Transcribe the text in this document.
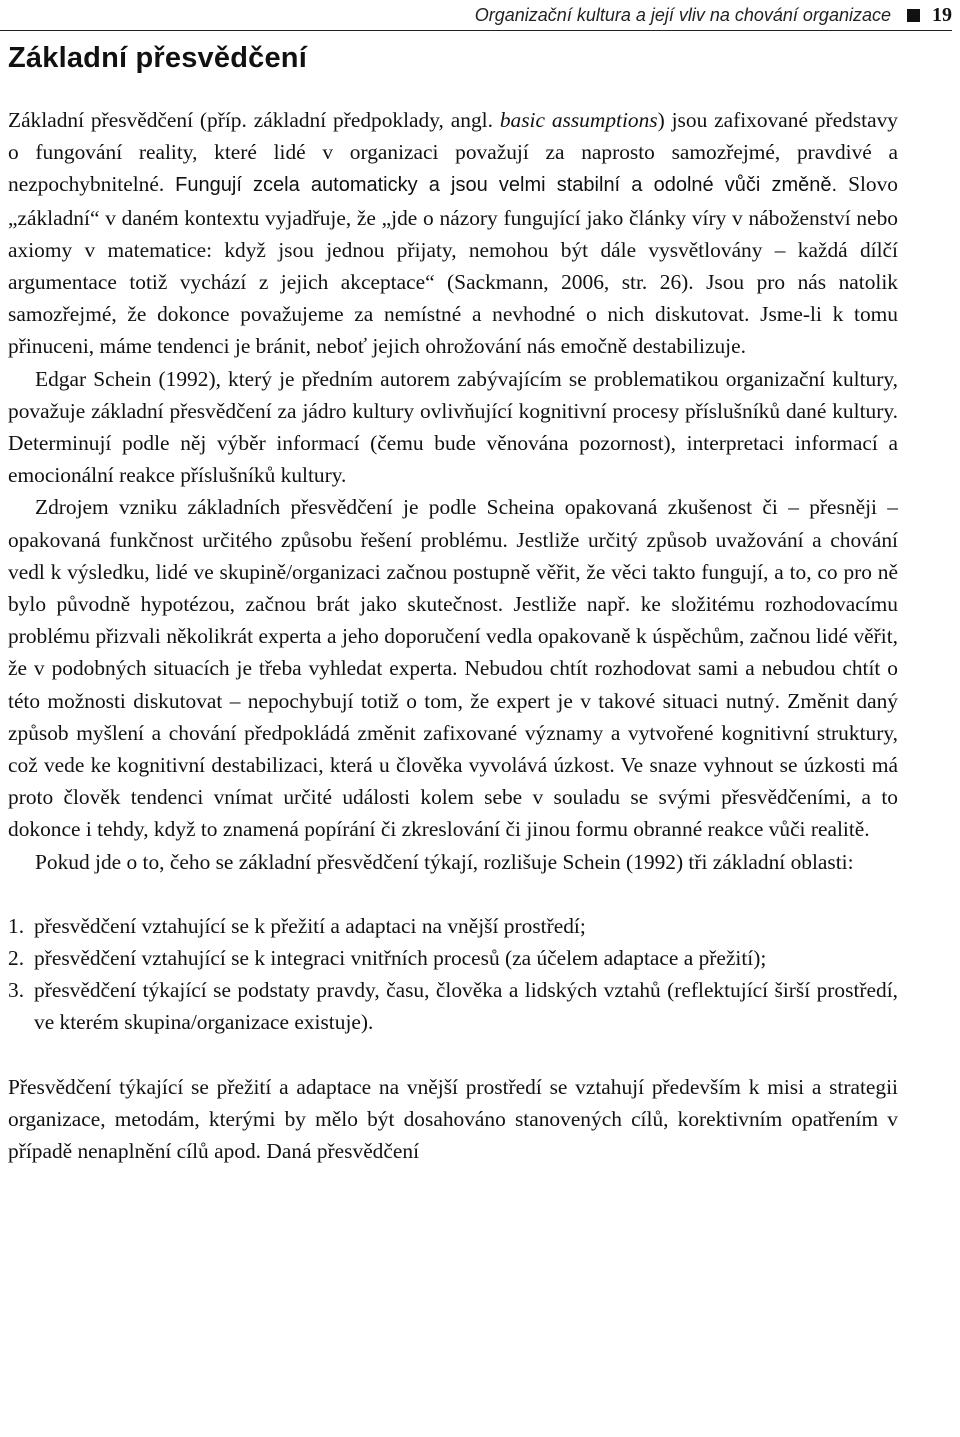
Organizační kultura a její vliv na chování organizace 19
Základní přesvědčení

Základní přesvědčení (příp. základní předpoklady, angl. basic assumptions) jsou zafixované představy o fungování reality, které lidé v organizaci považují za naprosto samozřejmé, pravdivé a nezpochybnitelné. Fungují zcela automaticky a jsou velmi stabilní a odolné vůči změně. Slovo „základní“ v daném kontextu vyjadřuje, že „jde o názory fungující jako články víry v náboženství nebo axiomy v matematice: když jsou jednou přijaty, nemohou být dále vysvětlovány – každá dílčí argumentace totiž vychází z jejich akceptace“ (Sackmann, 2006, str. 26). Jsou pro nás natolik samozřejmé, že dokonce považujeme za nemístné a nevhodné o nich diskutovat. Jsme-li k tomu přinuceni, máme tendenci je bránit, neboť jejich ohrožování nás emočně destabilizuje.

Edgar Schein (1992), který je předním autorem zabývajícím se problematikou organizační kultury, považuje základní přesvědčení za jádro kultury ovlivňující kognitivní procesy příslušníků dané kultury. Determinují podle něj výběr informací (čemu bude věnována pozornost), interpretaci informací a emocionální reakce příslušníků kultury.

Zdrojem vzniku základních přesvědčení je podle Scheina opakovaná zkušenost či – přesněji – opakovaná funkčnost určitého způsobu řešení problému. Jestliže určitý způsob uvažování a chování vedl k výsledku, lidé ve skupině/organizaci začnou postupně věřit, že věci takto fungují, a to, co pro ně bylo původně hypotézou, začnou brát jako skutečnost. Jestliže např. ke složitému rozhodovacímu problému přizvali několikrát experta a jeho doporučení vedla opakovaně k úspěchům, začnou lidé věřit, že v podobných situacích je třeba vyhledat experta. Nebudou chtít rozhodovat sami a nebudou chtít o této možnosti diskutovat – nepochybují totiž o tom, že expert je v takové situaci nutný. Změnit daný způsob myšlení a chování předpokládá změnit zafixované významy a vytvořené kognitivní struktury, což vede ke kognitivní destabilizaci, která u člověka vyvolává úzkost. Ve snaze vyhnout se úzkosti má proto člověk tendenci vnímat určité události kolem sebe v souladu se svými přesvědčeními, a to dokonce i tehdy, když to znamená popírání či zkreslování či jinou formu obranné reakce vůči realitě.

Pokud jde o to, čeho se základní přesvědčení týkají, rozlišuje Schein (1992) tři základní oblasti:

1. přesvědčení vztahující se k přežití a adaptaci na vnější prostředí;
2. přesvědčení vztahující se k integraci vnitřních procesů (za účelem adaptace a přežití);
3. přesvědčení týkající se podstaty pravdy, času, člověka a lidských vztahů (reflektující širší prostředí, ve kterém skupina/organizace existuje).

Přesvědčení týkající se přežití a adaptace na vnější prostředí se vztahují především k misi a strategii organizace, metodám, kterými by mělo být dosahováno stanovených cílů, korektivním opatřením v případě nenaplnění cílů apod. Daná přesvědčení
